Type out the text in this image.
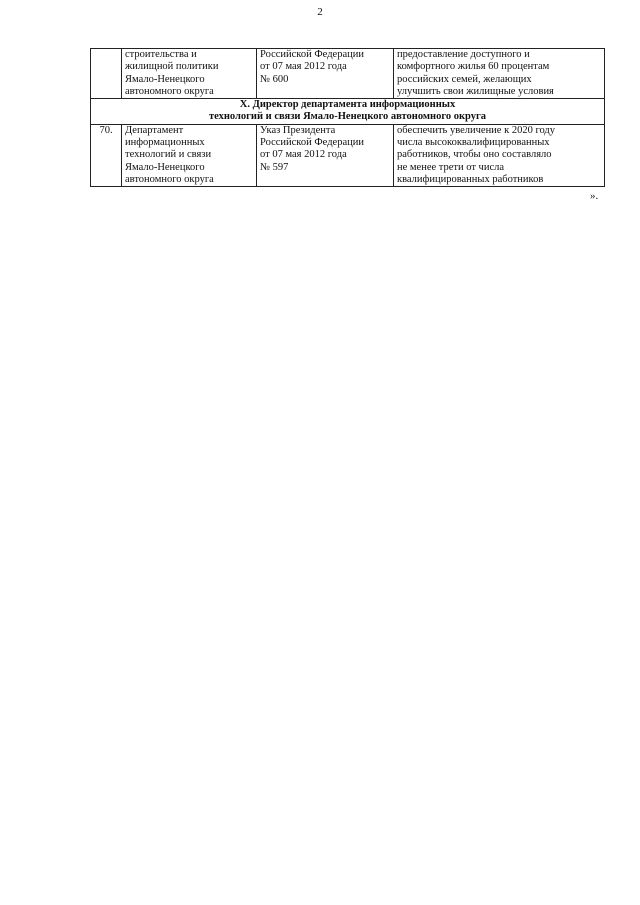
2

	строительства и
жилищной политики
Ямало-Ненецкого
автономного округа	Российской Федерации
от 07 мая 2012 года
№ 600	предоставление доступного и
комфортного жилья 60 процентам
российских семей, желающих
улучшить свои жилищные условия

X. Директор департамента информационных
технологий и связи Ямало-Ненецкого автономного округа			

70.	Департамент
информационных
технологий и связи
Ямало-Ненецкого
автономного округа	Указ Президента
Российской Федерации
от 07 мая 2012 года
№ 597	обеспечить увеличение к 2020 году
числа высококвалифицированных
работников, чтобы оно составляло
не менее трети от числа
квалифицированных работников
».
